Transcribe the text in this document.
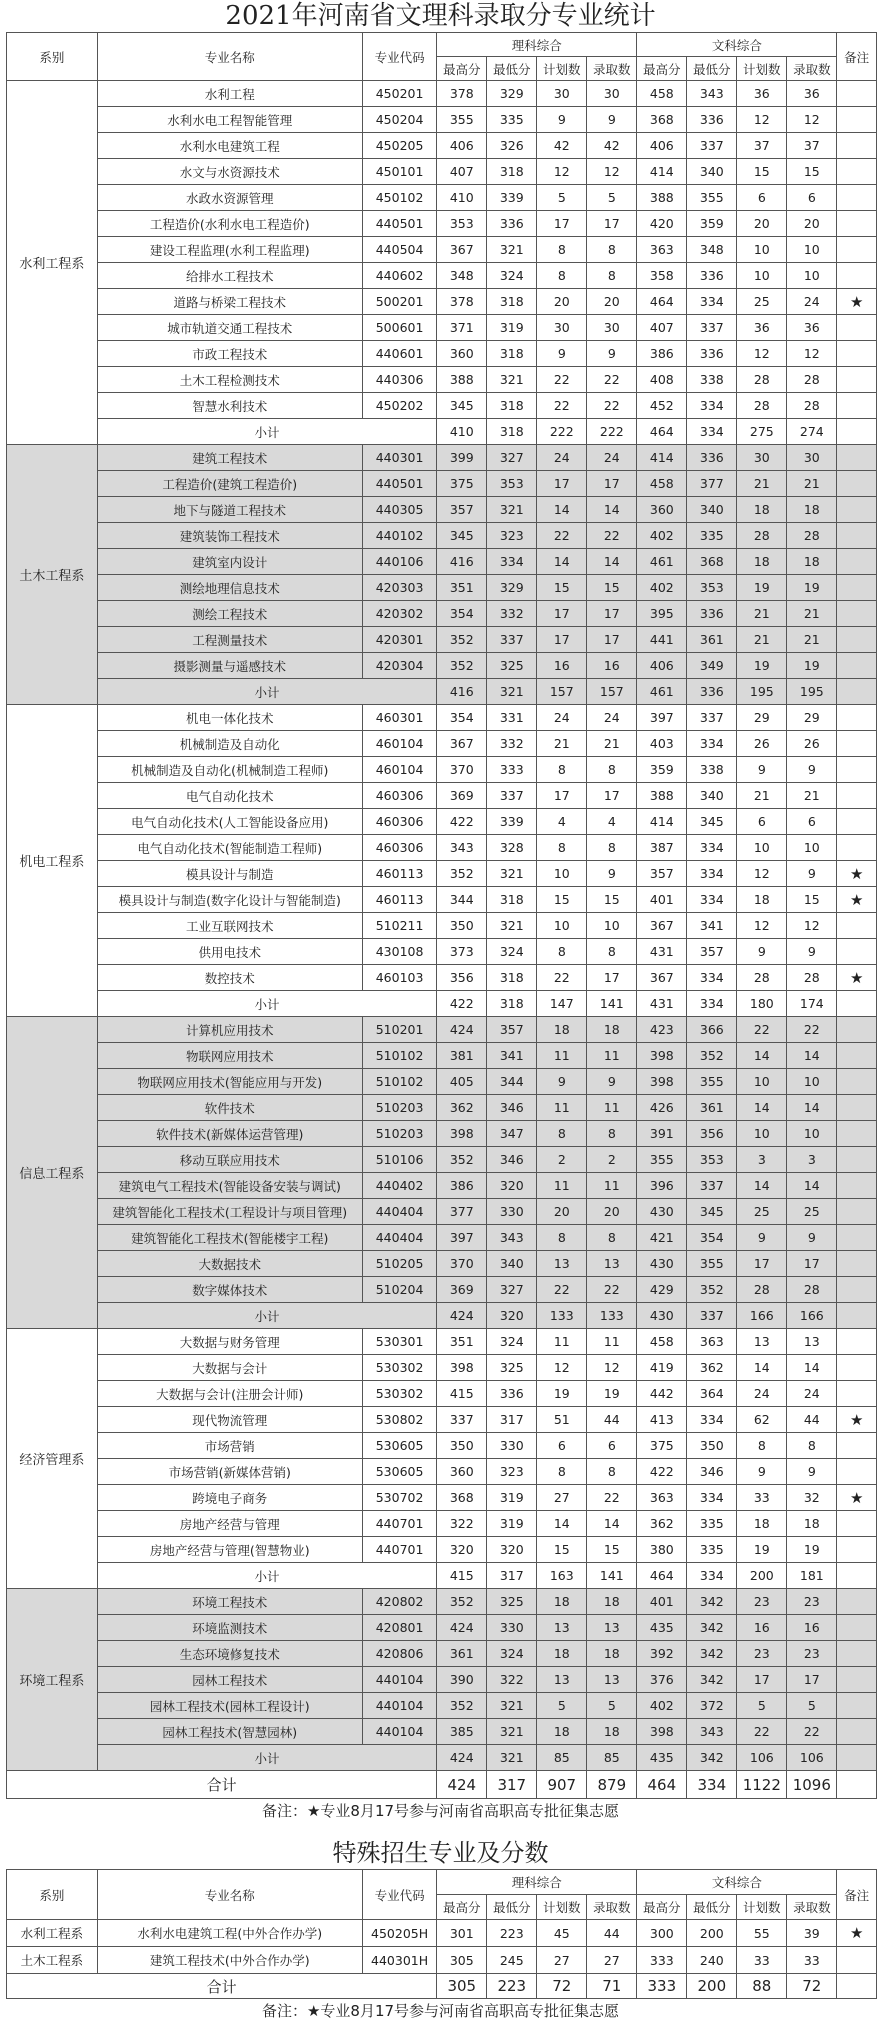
2021年河南省文理科录取分专业统计
系别	专业名称	专业代码	理科综合				文科综合				备注
			最高分	最低分	计划数	录取数	最高分	最低分	计划数	录取数	
水利工程系	水利工程	450201	378	329	30	30	458	343	36	36	
	水利水电工程智能管理	450204	355	335	9	9	368	336	12	12	
	水利水电建筑工程	450205	406	326	42	42	406	337	37	37	
	水文与水资源技术	450101	407	318	12	12	414	340	15	15	
	水政水资源管理	450102	410	339	5	5	388	355	6	6	
	工程造价(水利水电工程造价)	440501	353	336	17	17	420	359	20	20	
	建设工程监理(水利工程监理)	440504	367	321	8	8	363	348	10	10	
	给排水工程技术	440602	348	324	8	8	358	336	10	10	
	道路与桥梁工程技术	500201	378	318	20	20	464	334	25	24	★
	城市轨道交通工程技术	500601	371	319	30	30	407	337	36	36	
	市政工程技术	440601	360	318	9	9	386	336	12	12	
	土木工程检测技术	440306	388	321	22	22	408	338	28	28	
	智慧水利技术	450202	345	318	22	22	452	334	28	28	
	小计		410	318	222	222	464	334	275	274	
土木工程系	建筑工程技术	440301	399	327	24	24	414	336	30	30	
	工程造价(建筑工程造价)	440501	375	353	17	17	458	377	21	21	
	地下与隧道工程技术	440305	357	321	14	14	360	340	18	18	
	建筑装饰工程技术	440102	345	323	22	22	402	335	28	28	
	建筑室内设计	440106	416	334	14	14	461	368	18	18	
	测绘地理信息技术	420303	351	329	15	15	402	353	19	19	
	测绘工程技术	420302	354	332	17	17	395	336	21	21	
	工程测量技术	420301	352	337	17	17	441	361	21	21	
	摄影测量与遥感技术	420304	352	325	16	16	406	349	19	19	
	小计		416	321	157	157	461	336	195	195	
机电工程系	机电一体化技术	460301	354	331	24	24	397	337	29	29	
	机械制造及自动化	460104	367	332	21	21	403	334	26	26	
	机械制造及自动化(机械制造工程师)	460104	370	333	8	8	359	338	9	9	
	电气自动化技术	460306	369	337	17	17	388	340	21	21	
	电气自动化技术(人工智能设备应用)	460306	422	339	4	4	414	345	6	6	
	电气自动化技术(智能制造工程师)	460306	343	328	8	8	387	334	10	10	
	模具设计与制造	460113	352	321	10	9	357	334	12	9	★
	模具设计与制造(数字化设计与智能制造)	460113	344	318	15	15	401	334	18	15	★
	工业互联网技术	510211	350	321	10	10	367	341	12	12	
	供用电技术	430108	373	324	8	8	431	357	9	9	
	数控技术	460103	356	318	22	17	367	334	28	28	★
	小计		422	318	147	141	431	334	180	174	
信息工程系	计算机应用技术	510201	424	357	18	18	423	366	22	22	
	物联网应用技术	510102	381	341	11	11	398	352	14	14	
	物联网应用技术(智能应用与开发)	510102	405	344	9	9	398	355	10	10	
	软件技术	510203	362	346	11	11	426	361	14	14	
	软件技术(新媒体运营管理)	510203	398	347	8	8	391	356	10	10	
	移动互联应用技术	510106	352	346	2	2	355	353	3	3	
	建筑电气工程技术(智能设备安装与调试)	440402	386	320	11	11	396	337	14	14	
	建筑智能化工程技术(工程设计与项目管理)	440404	377	330	20	20	430	345	25	25	
	建筑智能化工程技术(智能楼宇工程)	440404	397	343	8	8	421	354	9	9	
	大数据技术	510205	370	340	13	13	430	355	17	17	
	数字媒体技术	510204	369	327	22	22	429	352	28	28	
	小计		424	320	133	133	430	337	166	166	
经济管理系	大数据与财务管理	530301	351	324	11	11	458	363	13	13	
	大数据与会计	530302	398	325	12	12	419	362	14	14	
	大数据与会计(注册会计师)	530302	415	336	19	19	442	364	24	24	
	现代物流管理	530802	337	317	51	44	413	334	62	44	★
	市场营销	530605	350	330	6	6	375	350	8	8	
	市场营销(新媒体营销)	530605	360	323	8	8	422	346	9	9	
	跨境电子商务	530702	368	319	27	22	363	334	33	32	★
	房地产经营与管理	440701	322	319	14	14	362	335	18	18	
	房地产经营与管理(智慧物业)	440701	320	320	15	15	380	335	19	19	
	小计		415	317	163	141	464	334	200	181	
环境工程系	环境工程技术	420802	352	325	18	18	401	342	23	23	
	环境监测技术	420801	424	330	13	13	435	342	16	16	
	生态环境修复技术	420806	361	324	18	18	392	342	23	23	
	园林工程技术	440104	390	322	13	13	376	342	17	17	
	园林工程技术(园林工程设计)	440104	352	321	5	5	402	372	5	5	
	园林工程技术(智慧园林)	440104	385	321	18	18	398	343	22	22	
	小计		424	321	85	85	435	342	106	106	
合计			424	317	907	879	464	334	1122	1096	
备注：★专业8月17号参与河南省高职高专批征集志愿
特殊招生专业及分数
系别	专业名称	专业代码	理科综合				文科综合				备注
			最高分	最低分	计划数	录取数	最高分	最低分	计划数	录取数	
水利工程系	水利水电建筑工程(中外合作办学)	450205H	301	223	45	44	300	200	55	39	★
土木工程系	建筑工程技术(中外合作办学)	440301H	305	245	27	27	333	240	33	33	
合计			305	223	72	71	333	200	88	72	
备注：★专业8月17号参与河南省高职高专批征集志愿
